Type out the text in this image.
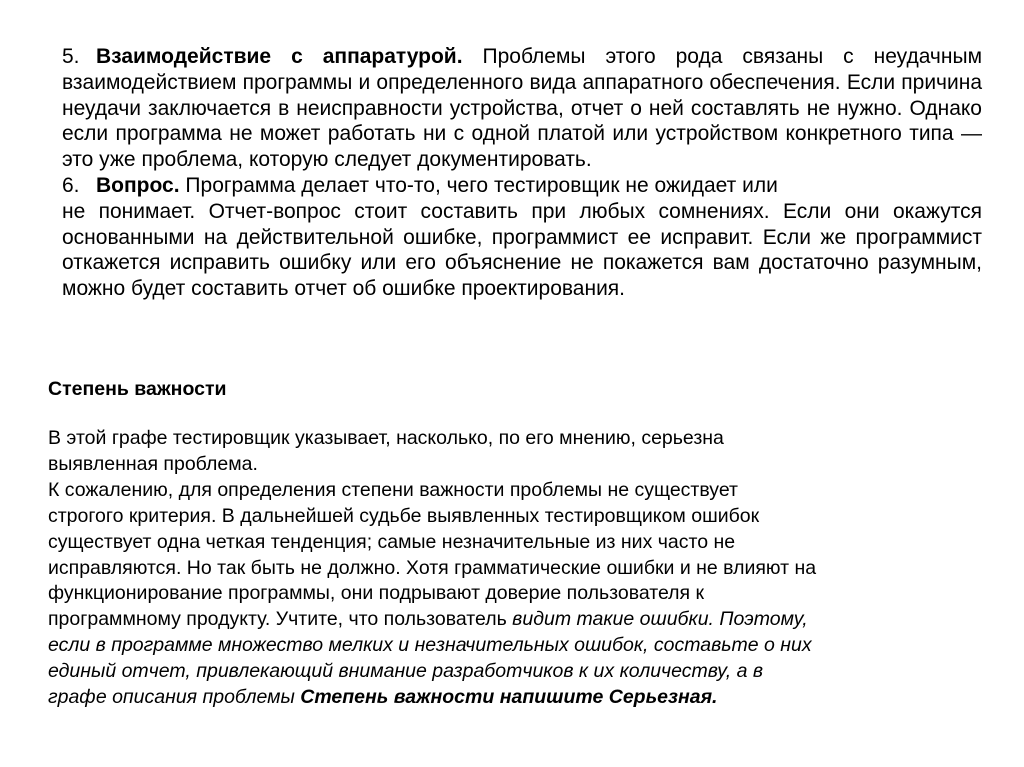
5. Взаимодействие с аппаратурой. Проблемы этого рода связаны с неудачным взаимодействием программы и определенного вида аппаратного обеспечения. Если причина неудачи заключается в неисправности устройства, отчет о ней составлять не нужно. Однако если программа не может работать ни с одной платой или устройством конкретного типа — это уже проблема, которую следует документировать.

6. Вопрос. Программа делает что-то, чего тестировщик не ожидает или

не понимает. Отчет-вопрос стоит составить при любых сомнениях. Если они окажутся основанными на действительной ошибке, программист ее исправит. Если же программист откажется исправить ошибку или его объяснение не покажется вам достаточно разумным, можно будет составить отчет об ошибке проектирования.

Степень важности

В этой графе тестировщик указывает, насколько, по его мнению, серьезна
выявленная проблема.

К сожалению, для определения степени важности проблемы не существует
строгого критерия. В дальнейшей судьбе выявленных тестировщиком ошибок
существует одна четкая тенденция; самые незначительные из них часто не
исправляются. Но так быть не должно. Хотя грамматические ошибки и не влияют на
функционирование программы, они подрывают доверие пользователя к
программному продукту. Учтите, что пользователь видит такие ошибки. Поэтому,
если в программе множество мелких и незначительных ошибок, составьте о них
единый отчет, привлекающий внимание разработчиков к их количеству, а в
графе описания проблемы Степень важности напишите Серьезная.
